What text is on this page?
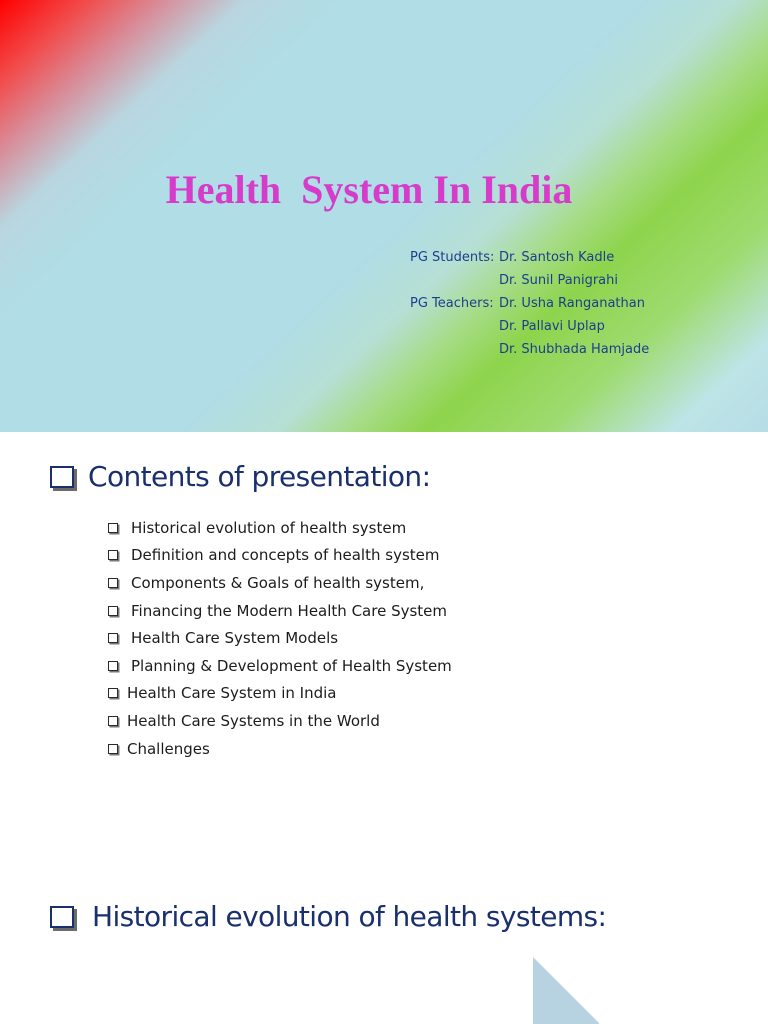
Health  System In India
PG Students: Dr. Santosh Kadle
Dr. Sunil Panigrahi
PG Teachers: Dr. Usha Ranganathan
Dr. Pallavi Uplap
Dr. Shubhada Hamjade
Contents of presentation:
Historical evolution of health system
Definition and concepts of health system
Components & Goals of health system,
Financing the Modern Health Care System
Health Care System Models
Planning & Development of Health System
Health Care System in India
Health Care Systems in the World
Challenges
Historical evolution of health systems:
